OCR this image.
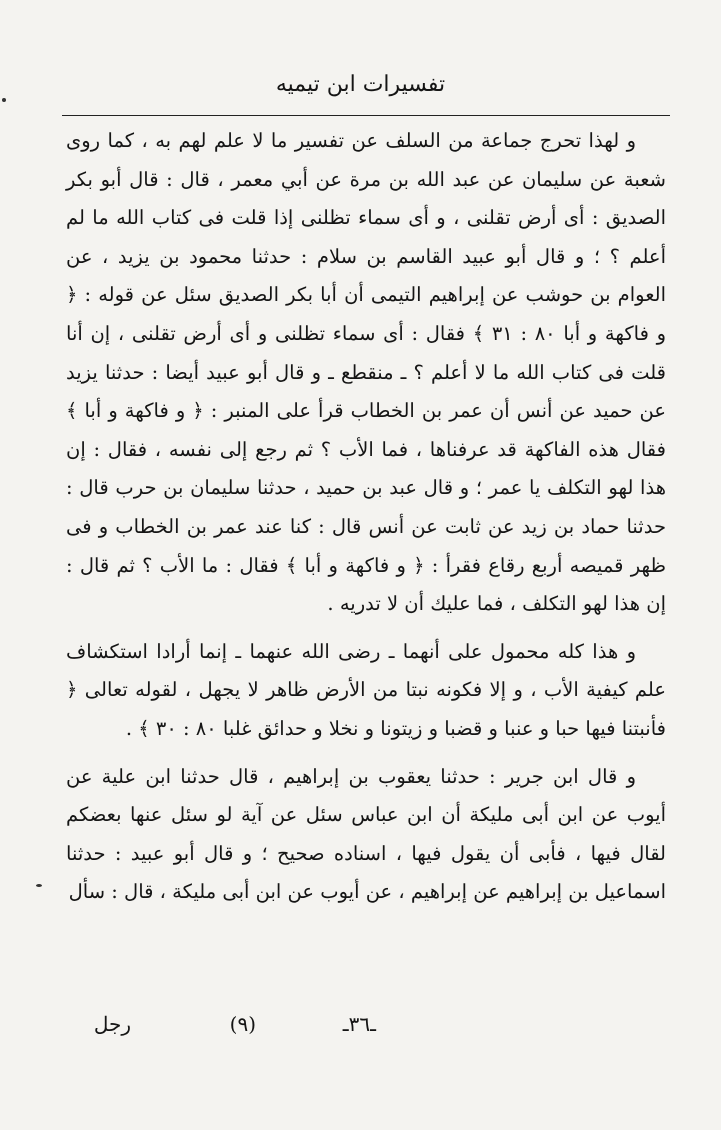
تفسيرات ابن تيميه

و لهذا تحرج جماعة من السلف عن تفسير ما لا علم لهم به ، كما روى شعبة عن سليمان عن عبد الله بن مرة عن أبي معمر ، قال : قال أبو بكر الصديق : أى أرض تقلنى ، و أى سماء تظلنى إذا قلت فى كتاب الله ما لم أعلم ؟ ؛ و قال أبو عبيد القاسم بن سلام : حدثنا محمود بن يزيد ، عن العوام بن حوشب عن إبراهيم التيمى أن أبا بكر الصديق سئل عن قوله : ﴿ و فاكهة و أبا ٨٠ : ٣١ ﴾ فقال : أى سماء تظلنى و أى أرض تقلنى ، إن أنا قلت فى كتاب الله ما لا أعلم ؟ ـ منقطع ـ و قال أبو عبيد أيضا : حدثنا يزيد عن حميد عن أنس أن عمر بن الخطاب قرأ على المنبر : ﴿ و فاكهة و أبا ﴾ فقال هذه الفاكهة قد عرفناها ، فما الأب ؟ ثم رجع إلى نفسه ، فقال : إن هذا لهو التكلف يا عمر ؛ و قال عبد بن حميد ، حدثنا سليمان بن حرب قال : حدثنا حماد بن زيد عن ثابت عن أنس قال : كنا عند عمر بن الخطاب و فى ظهر قميصه أربع رقاع فقرأ : ﴿ و فاكهة و أبا ﴾ فقال : ما الأب ؟ ثم قال : إن هذا لهو التكلف ، فما عليك أن لا تدريه .

و هذا كله محمول على أنهما ـ رضى الله عنهما ـ إنما أرادا استكشاف علم كيفية الأب ، و إلا فكونه نبتا من الأرض ظاهر لا يجهل ، لقوله تعالى ﴿ فأنبتنا فيها حبا و عنبا و قضبا و زيتونا و نخلا و حدائق غلبا ٨٠ : ٣٠ ﴾ .

و قال ابن جرير : حدثنا يعقوب بن إبراهيم ، قال حدثنا ابن علية عن أيوب عن ابن أبى مليكة أن ابن عباس سئل عن آية لو سئل عنها بعضكم لقال فيها ، فأبى أن يقول فيها ، اسناده صحيح ؛ و قال أبو عبيد : حدثنا اسماعيل بن إبراهيم عن إبراهيم ، عن أيوب عن ابن أبى مليكة ، قال : سأل

ـ٣٦ـ
(٩)
رجل
